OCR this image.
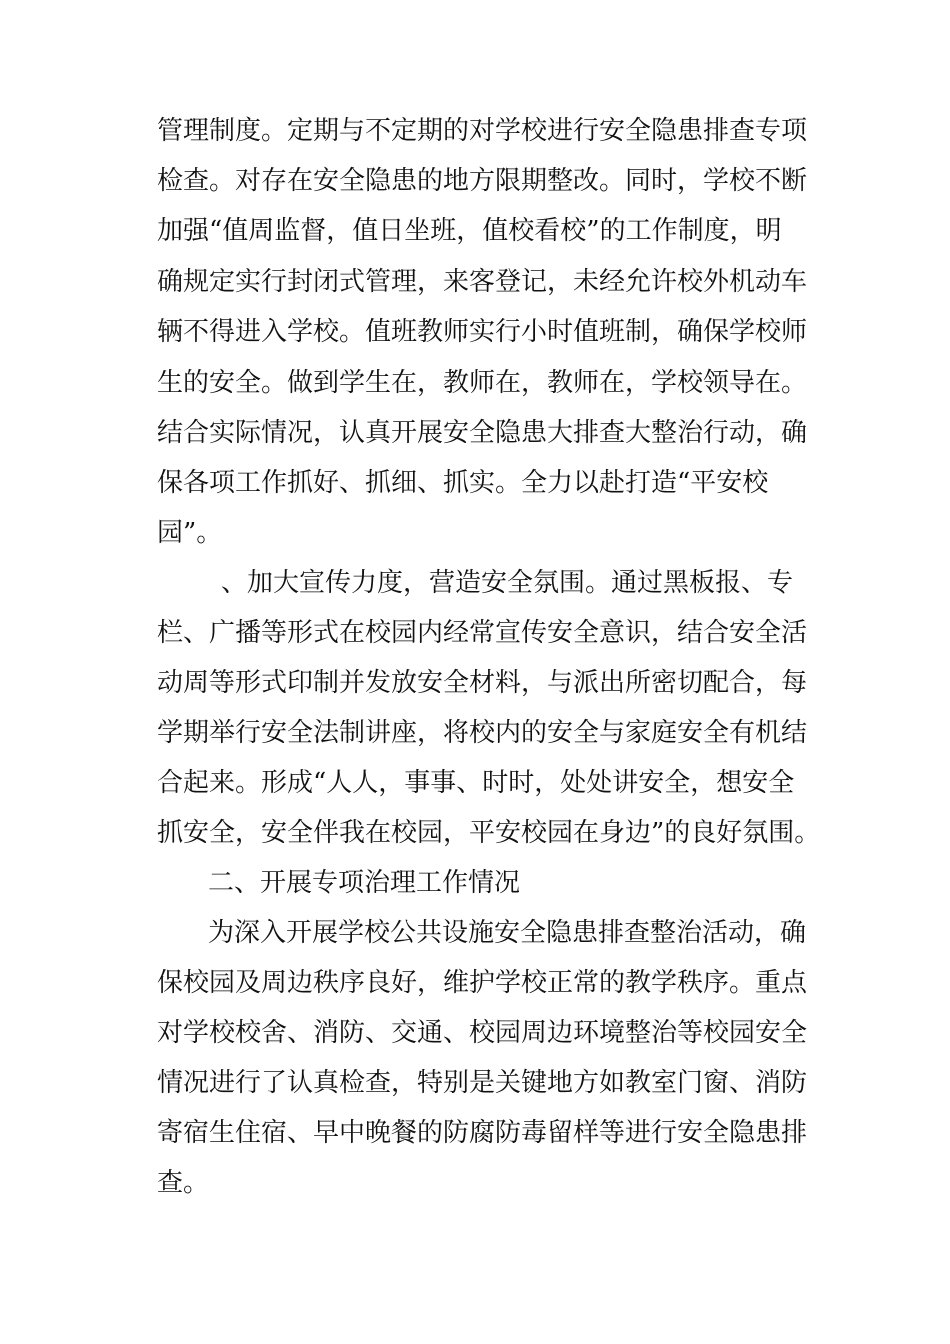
管理制度。定期与不定期的对学校进行安全隐患排查专项
检查。对存在安全隐患的地方限期整改。同时，学校不断
加强“值周监督，值日坐班，值校看校”的工作制度，明
确规定实行封闭式管理，来客登记，未经允许校外机动车
辆不得进入学校。值班教师实行小时值班制，确保学校师
生的安全。做到学生在，教师在，教师在，学校领导在。
结合实际情况，认真开展安全隐患大排查大整治行动，确
保各项工作抓好、抓细、抓实。全力以赴打造“平安校
园”。
、加大宣传力度，营造安全氛围。通过黑板报、专
栏、广播等形式在校园内经常宣传安全意识，结合安全活
动周等形式印制并发放安全材料，与派出所密切配合，每
学期举行安全法制讲座，将校内的安全与家庭安全有机结
合起来。形成“人人，事事、时时，处处讲安全，想安全
抓安全，安全伴我在校园，平安校园在身边”的良好氛围。
二、开展专项治理工作情况
为深入开展学校公共设施安全隐患排查整治活动，确
保校园及周边秩序良好，维护学校正常的教学秩序。重点
对学校校舍、消防、交通、校园周边环境整治等校园安全
情况进行了认真检查，特别是关键地方如教室门窗、消防
寄宿生住宿、早中晚餐的防腐防毒留样等进行安全隐患排
查。
